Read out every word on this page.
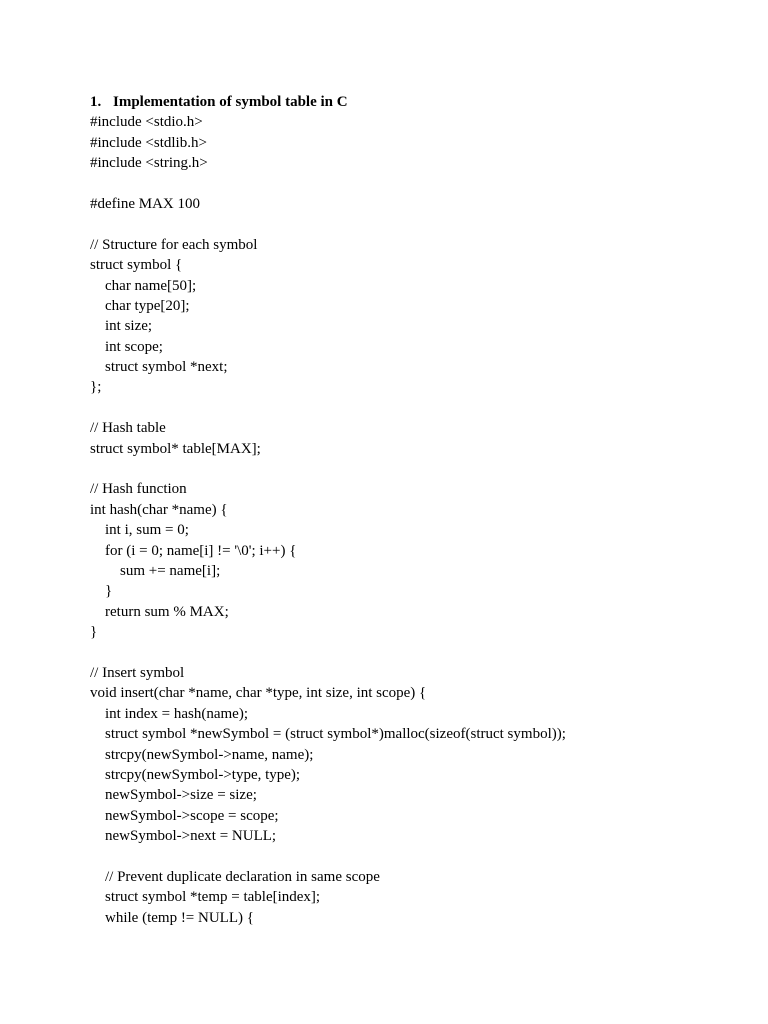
1. Implementation of symbol table in C
#include <stdio.h>
#include <stdlib.h>
#include <string.h>
#define MAX 100
// Structure for each symbol
struct symbol {
char name[50];
char type[20];
int size;
int scope;
struct symbol *next;
};
// Hash table
struct symbol* table[MAX];
// Hash function
int hash(char *name) {
int i, sum = 0;
for (i = 0; name[i] != '\0'; i++) {
sum += name[i];
}
return sum % MAX;
}
// Insert symbol
void insert(char *name, char *type, int size, int scope) {
int index = hash(name);
struct symbol *newSymbol = (struct symbol*)malloc(sizeof(struct symbol));
strcpy(newSymbol->name, name);
strcpy(newSymbol->type, type);
newSymbol->size = size;
newSymbol->scope = scope;
newSymbol->next = NULL;
// Prevent duplicate declaration in same scope
struct symbol *temp = table[index];
while (temp != NULL) {
